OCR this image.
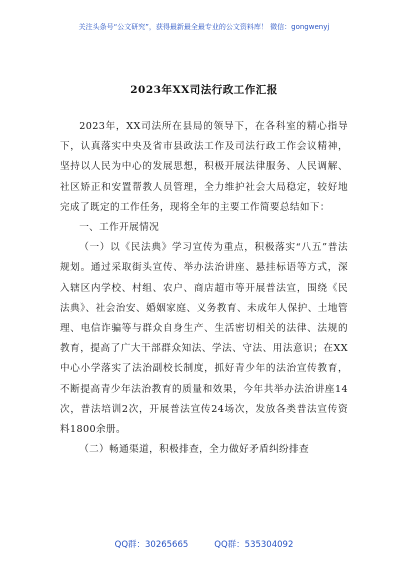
关注头条号“公文研究”，获得最新最全最专业的公文资料库！ 微信：gongwenyj
2023年XX司法行政工作汇报

2023年，XX司法所在县局的领导下，在各科室的精心指导下，认真落实中央及省市县政法工作及司法行政工作会议精神，坚持以人民为中心的发展思想，积极开展法律服务、人民调解、社区矫正和安置帮教人员管理，全力维护社会大局稳定，较好地完成了既定的工作任务，现将全年的主要工作简要总结如下：

一、工作开展情况

（一）以《民法典》学习宣传为重点，积极落实“八五”普法规划。通过采取街头宣传、举办法治讲座、悬挂标语等方式，深入辖区内学校、村组、农户、商店超市等开展普法宣，围绕《民法典》、社会治安、婚姻家庭、义务教育、未成年人保护、土地管理、电信诈骗等与群众自身生产、生活密切相关的法律、法规的教育，提高了广大干部群众知法、学法、守法、用法意识；在XX中心小学落实了法治副校长制度，抓好青少年的法治宣传教育，不断提高青少年法治教育的质量和效果，今年共举办法治讲座14次，普法培训2次，开展普法宣传24场次，发放各类普法宣传资料1800余册。

（二）畅通渠道，积极排查，全力做好矛盾纠纷排查

QQ群：30265665	QQ群：535304092
